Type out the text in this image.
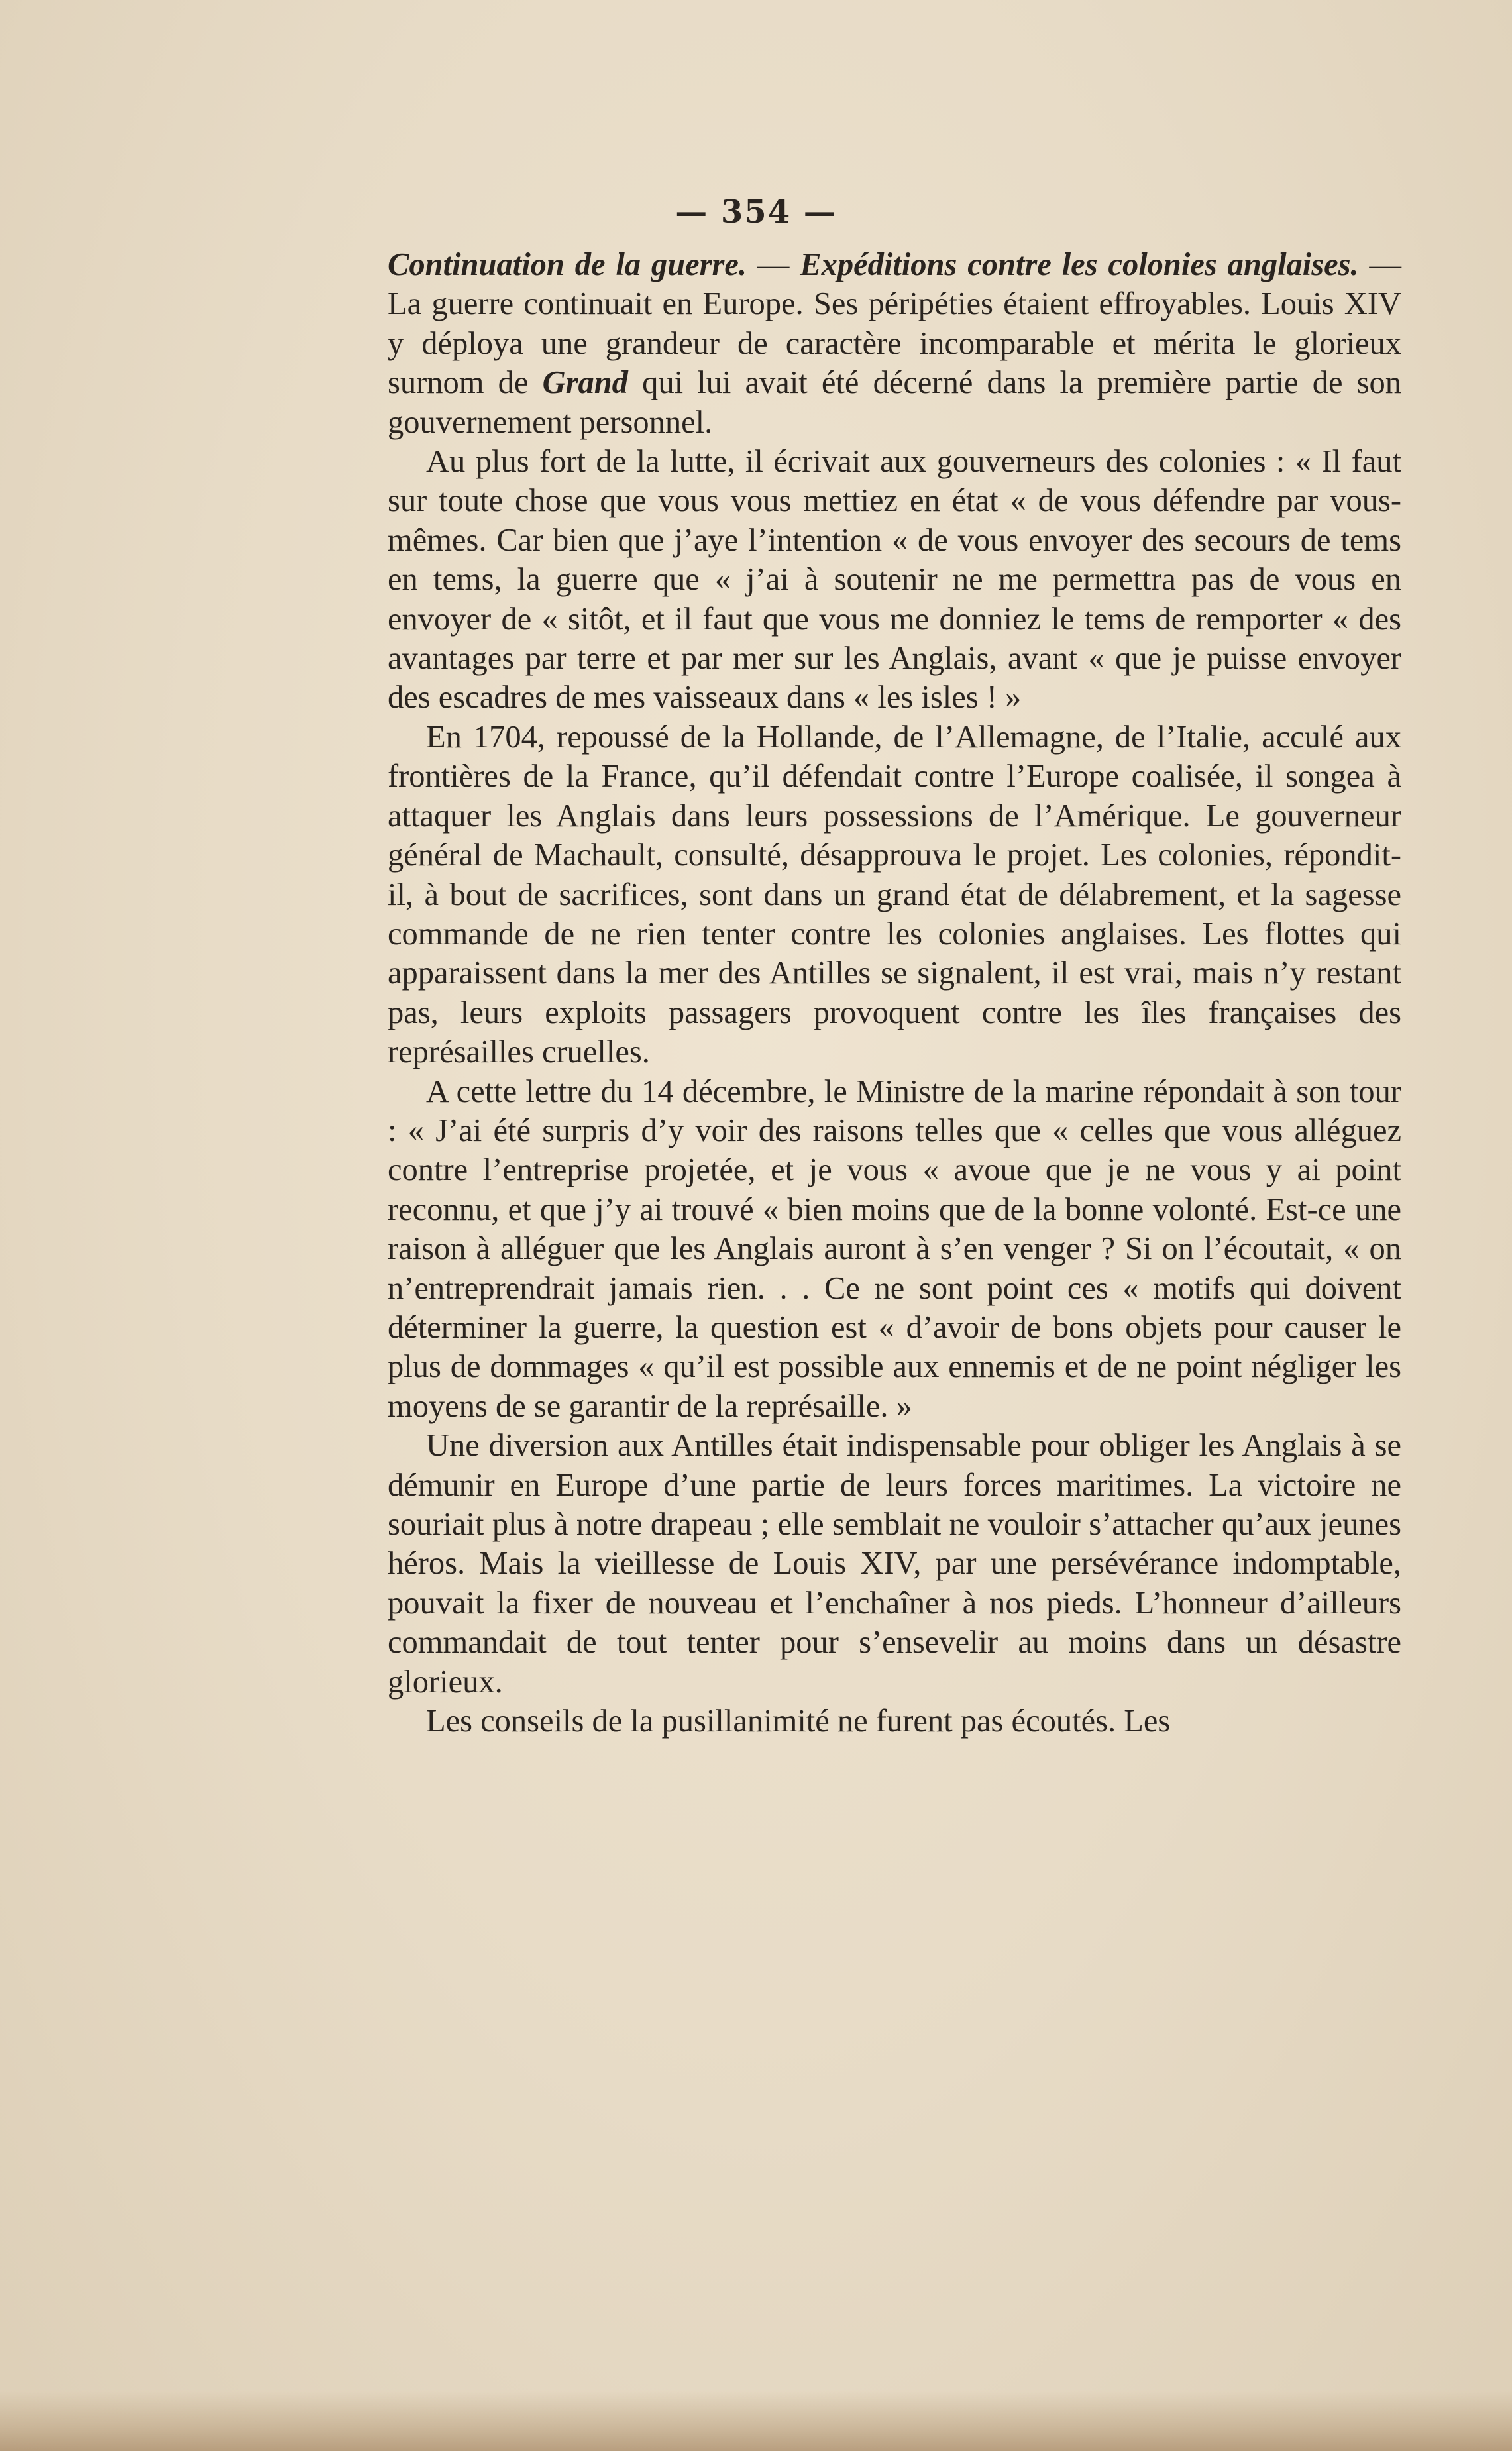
— 354 —

Continuation de la guerre. — Expéditions contre les colonies anglaises. — La guerre continuait en Europe. Ses péripéties étaient effroyables. Louis XIV y déploya une grandeur de caractère incomparable et mérita le glorieux surnom de Grand qui lui avait été décerné dans la première partie de son gouvernement personnel.

Au plus fort de la lutte, il écrivait aux gouverneurs des colonies : « Il faut sur toute chose que vous vous mettiez en état « de vous défendre par vous-mêmes. Car bien que j’aye l’intention « de vous envoyer des secours de tems en tems, la guerre que « j’ai à soutenir ne me permettra pas de vous en envoyer de « sitôt, et il faut que vous me donniez le tems de remporter « des avantages par terre et par mer sur les Anglais, avant « que je puisse envoyer des escadres de mes vaisseaux dans « les isles ! »

En 1704, repoussé de la Hollande, de l’Allemagne, de l’Italie, acculé aux frontières de la France, qu’il défendait contre l’Europe coalisée, il songea à attaquer les Anglais dans leurs possessions de l’Amérique. Le gouverneur général de Machault, consulté, désapprouva le projet. Les colonies, répondit-il, à bout de sacrifices, sont dans un grand état de délabrement, et la sagesse commande de ne rien tenter contre les colonies anglaises. Les flottes qui apparaissent dans la mer des Antilles se signalent, il est vrai, mais n’y restant pas, leurs exploits passagers provoquent contre les îles françaises des représailles cruelles.

A cette lettre du 14 décembre, le Ministre de la marine répondait à son tour : « J’ai été surpris d’y voir des raisons telles que « celles que vous alléguez contre l’entreprise projetée, et je vous « avoue que je ne vous y ai point reconnu, et que j’y ai trouvé « bien moins que de la bonne volonté. Est-ce une raison à alléguer que les Anglais auront à s’en venger ? Si on l’écoutait, « on n’entreprendrait jamais rien. . . Ce ne sont point ces « motifs qui doivent déterminer la guerre, la question est « d’avoir de bons objets pour causer le plus de dommages « qu’il est possible aux ennemis et de ne point négliger les moyens de se garantir de la représaille. »

Une diversion aux Antilles était indispensable pour obliger les Anglais à se démunir en Europe d’une partie de leurs forces maritimes. La victoire ne souriait plus à notre drapeau ; elle semblait ne vouloir s’attacher qu’aux jeunes héros. Mais la vieillesse de Louis XIV, par une persévérance indomptable, pouvait la fixer de nouveau et l’enchaîner à nos pieds. L’honneur d’ailleurs commandait de tout tenter pour s’ensevelir au moins dans un désastre glorieux.

Les conseils de la pusillanimité ne furent pas écoutés. Les
